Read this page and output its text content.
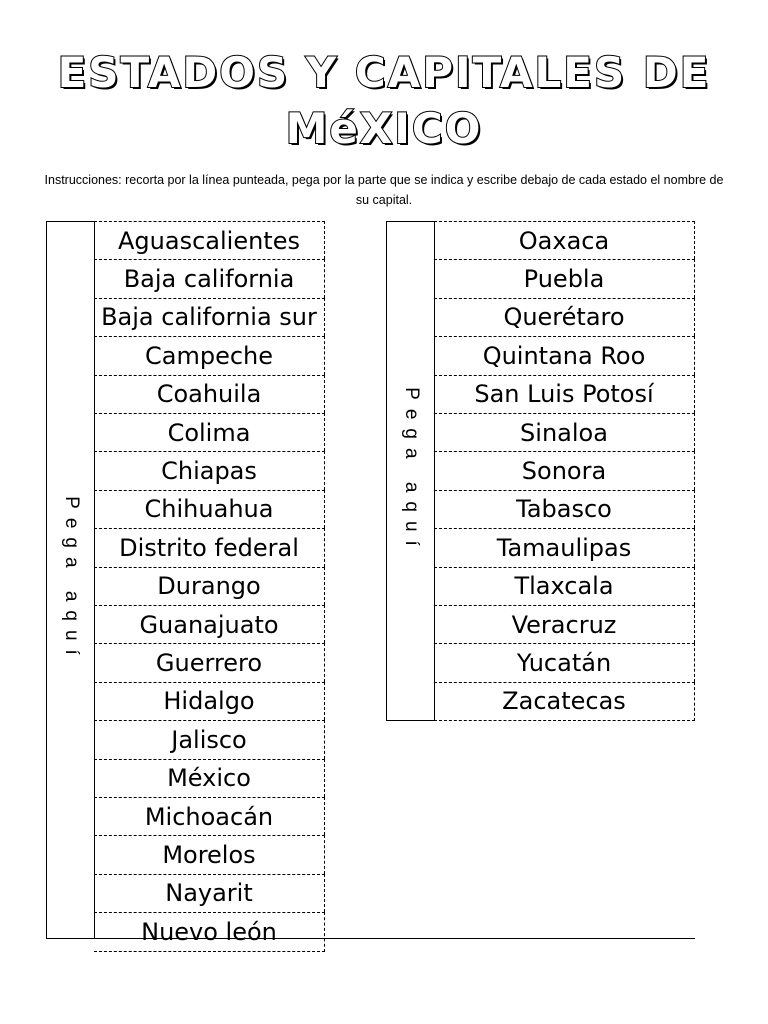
ESTADOS Y CAPITALES DE
MéXICO
Instrucciones: recorta por la línea punteada, pega por la parte que se indica y escribe debajo de cada estado el nombre de su capital.
Pega aquí
Aguascalientes
Baja california
Baja california sur
Campeche
Coahuila
Colima
Chiapas
Chihuahua
Distrito federal
Durango
Guanajuato
Guerrero
Hidalgo
Jalisco
México
Michoacán
Morelos
Nayarit
Nuevo león
Pega aquí
Oaxaca
Puebla
Querétaro
Quintana Roo
San Luis Potosí
Sinaloa
Sonora
Tabasco
Tamaulipas
Tlaxcala
Veracruz
Yucatán
Zacatecas
